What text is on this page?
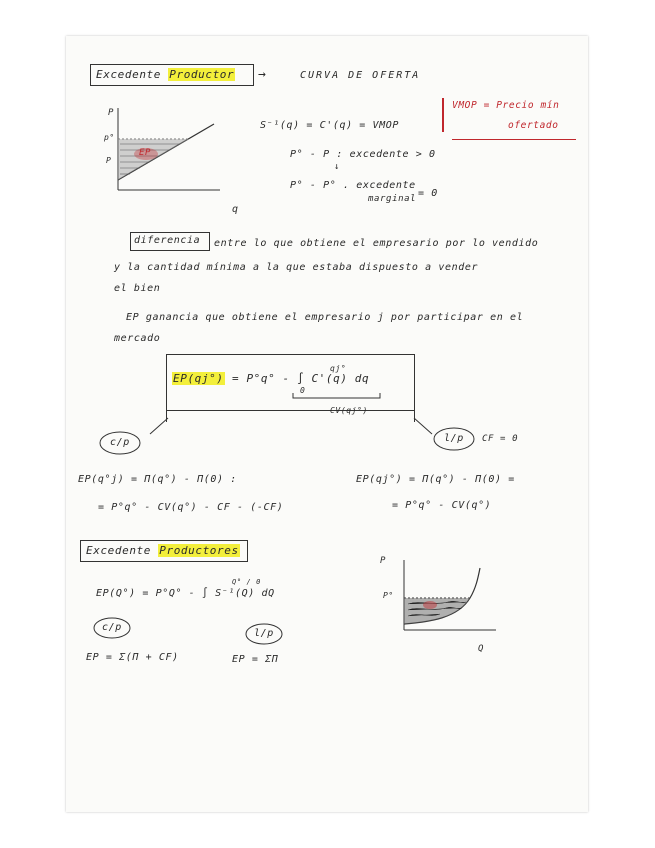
Excedente Productor →	CURVA DE OFERTA
VMOP = Precio mín
ofertado
P
q
p°
P
EP
S⁻¹(q) = C'(q) = VMOP
P° - P : excedente > 0
↓
P° - P° . excedente
marginal = 0
diferencia entre lo que obtiene el empresario por lo vendido
y la cantidad mínima a la que estaba dispuesto a vender
el bien
EP ganancia que obtiene el empresario j por participar en el
mercado
EP(qj°) = P°q° - ∫ C'(q) dq
qj°
0
CV(qj°)
c/p	l/p CF = 0
EP(q°j) = Π(q°) - Π(0) :
= P°q° - CV(q°) - CF - (-CF)
EP(qj°) = Π(q°) - Π(0) =
= P°q° - CV(q°)
Excedente Productores
EP(Q°) = P°Q° - ∫ S⁻¹(Q) dQ
Q° / 0
c/p
l/p
EP = Σ(Π + CF)	EP = ΣΠ
P
P°
Q
